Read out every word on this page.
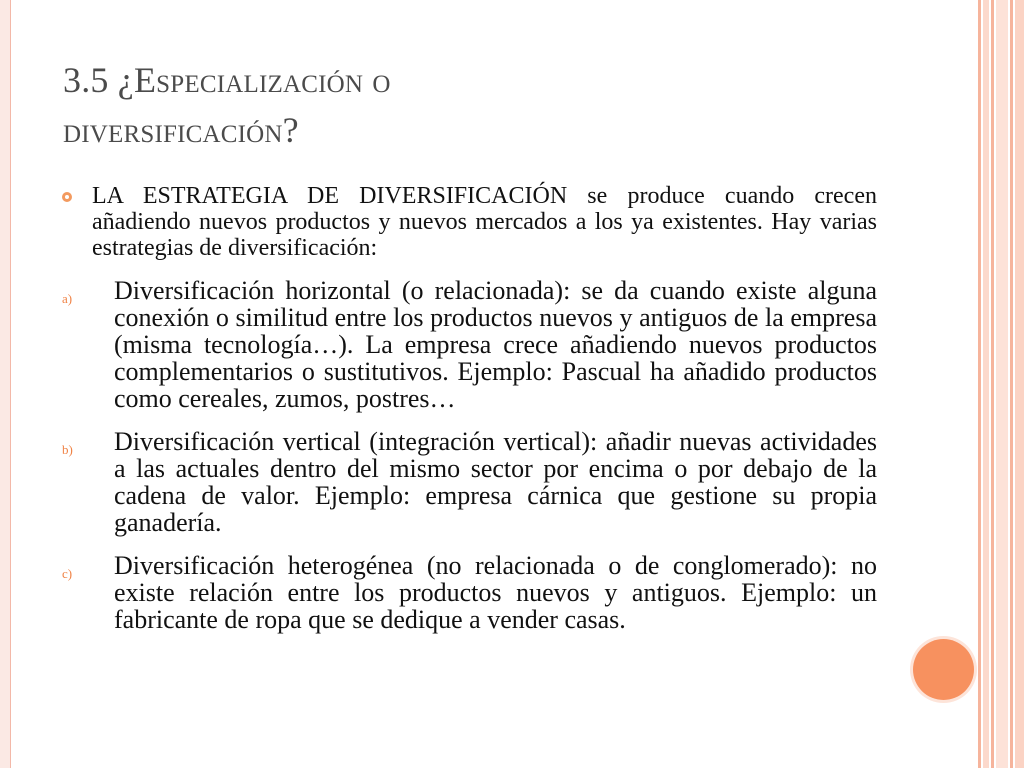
3.5 ¿Especialización o
diversificación?
LA ESTRATEGIA DE DIVERSIFICACIÓN se produce cuando crecen añadiendo nuevos productos y nuevos mercados a los ya existentes. Hay varias estrategias de diversificación:
a)	Diversificación horizontal (o relacionada): se da cuando existe alguna conexión o similitud entre los productos nuevos y antiguos de la empresa (misma tecnología…). La empresa crece añadiendo nuevos productos complementarios o sustitutivos. Ejemplo: Pascual ha añadido productos como cereales, zumos, postres…
b)	Diversificación vertical (integración vertical): añadir nuevas actividades a las actuales dentro del mismo sector por encima o por debajo de la cadena de valor. Ejemplo: empresa cárnica que gestione su propia ganadería.
c)	Diversificación heterogénea (no relacionada o de conglomerado): no existe relación entre los productos nuevos y antiguos. Ejemplo: un fabricante de ropa que se dedique a vender casas.
